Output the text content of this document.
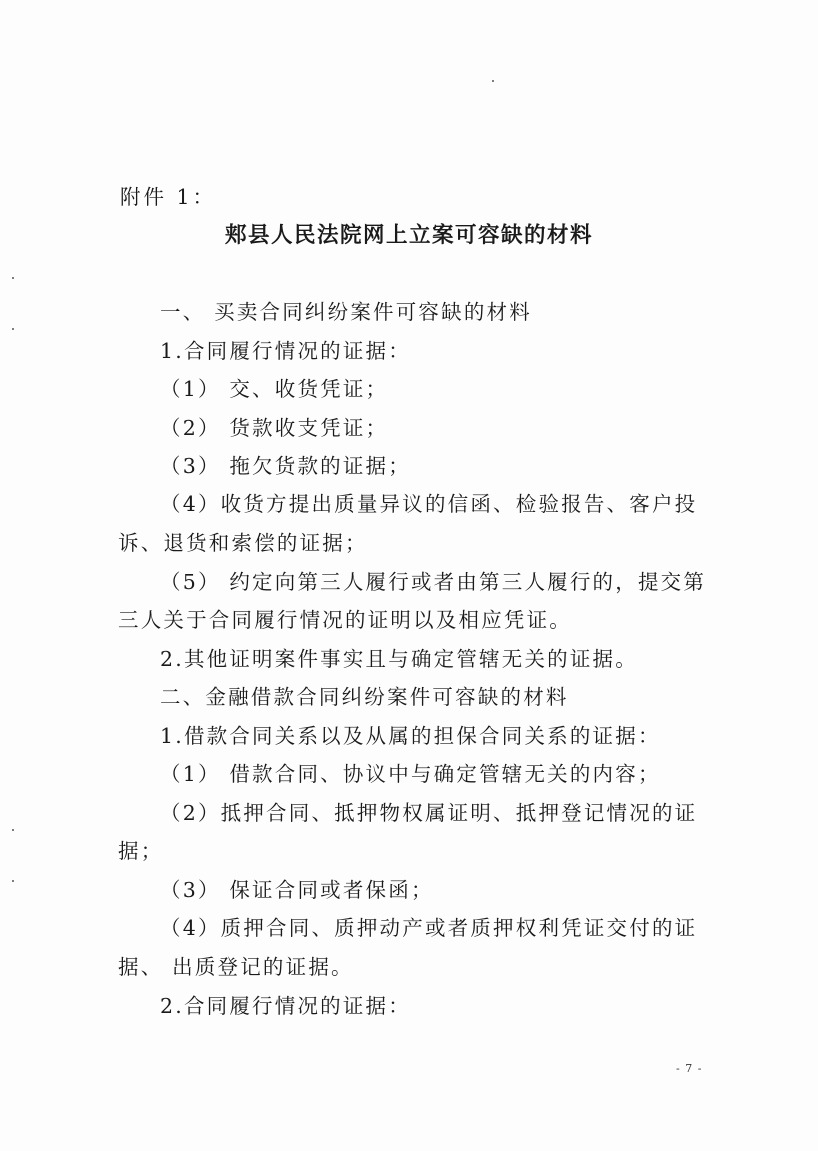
附件 1：
郏县人民法院网上立案可容缺的材料
一、 买卖合同纠纷案件可容缺的材料
1.合同履行情况的证据：
（1） 交、收货凭证；
（2） 货款收支凭证；
（3） 拖欠货款的证据；
（4）收货方提出质量异议的信函、检验报告、客户投
诉、退货和索偿的证据；
（5） 约定向第三人履行或者由第三人履行的，提交第
三人关于合同履行情况的证明以及相应凭证。
2.其他证明案件事实且与确定管辖无关的证据。
二、金融借款合同纠纷案件可容缺的材料
1.借款合同关系以及从属的担保合同关系的证据：
（1） 借款合同、协议中与确定管辖无关的内容；
（2）抵押合同、抵押物权属证明、抵押登记情况的证
据；
（3） 保证合同或者保函；
（4）质押合同、质押动产或者质押权利凭证交付的证
据、 出质登记的证据。
2.合同履行情况的证据：
- 7 -
